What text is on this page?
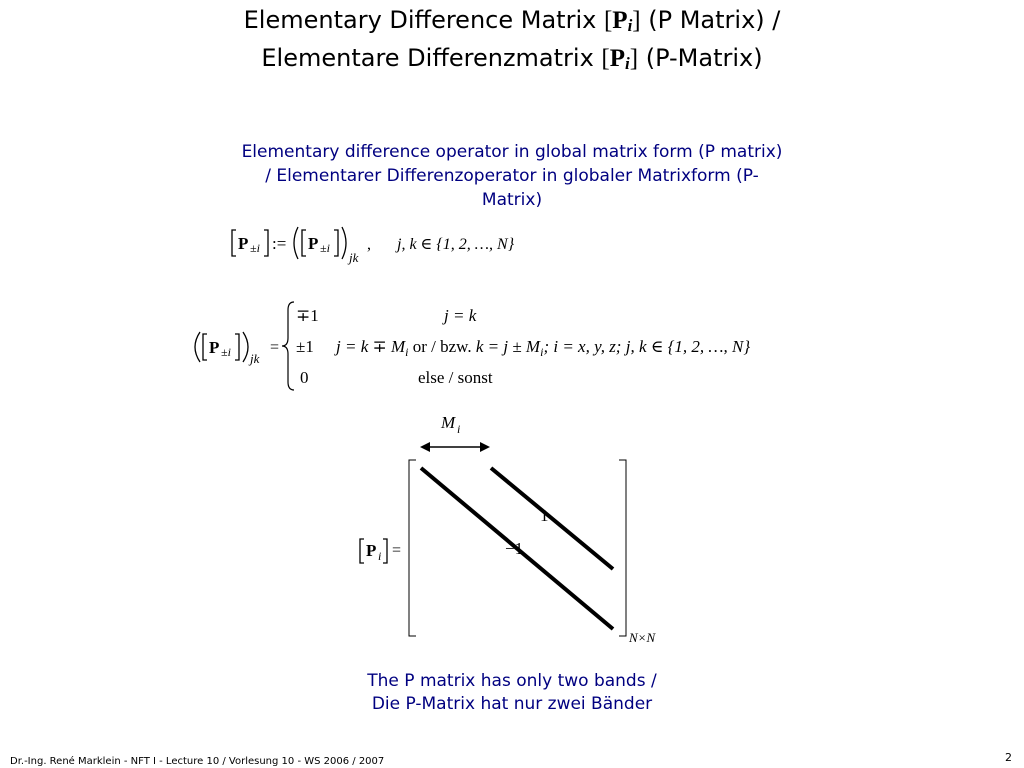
Elementary Difference Matrix $[P_i]$ (P Matrix) /
Elementare Differenzmatrix $[P_i]$ (P-Matrix)
Elementary difference operator in global matrix form (P matrix)
/ Elementarer Differenzoperator in globaler Matrixform (P-
Matrix)
P ±i := P ±i
jk
, j, k ∈ {1, 2, …, N}
P ±i jk
=
∓1	j = k
±1 $j = k \mp M_i$ or / bzw. $k = j \pm M_i$; i = x, y, z; j, k ∈ {1, 2, …, N}
0	else / sonst
M i
P i =
1
−1
N×N
The P matrix has only two bands /
Die P-Matrix hat nur zwei Bänder
Dr.-Ing. René Marklein - NFT I - Lecture 10 / Vorlesung 10 - WS 2006 / 2007	2
